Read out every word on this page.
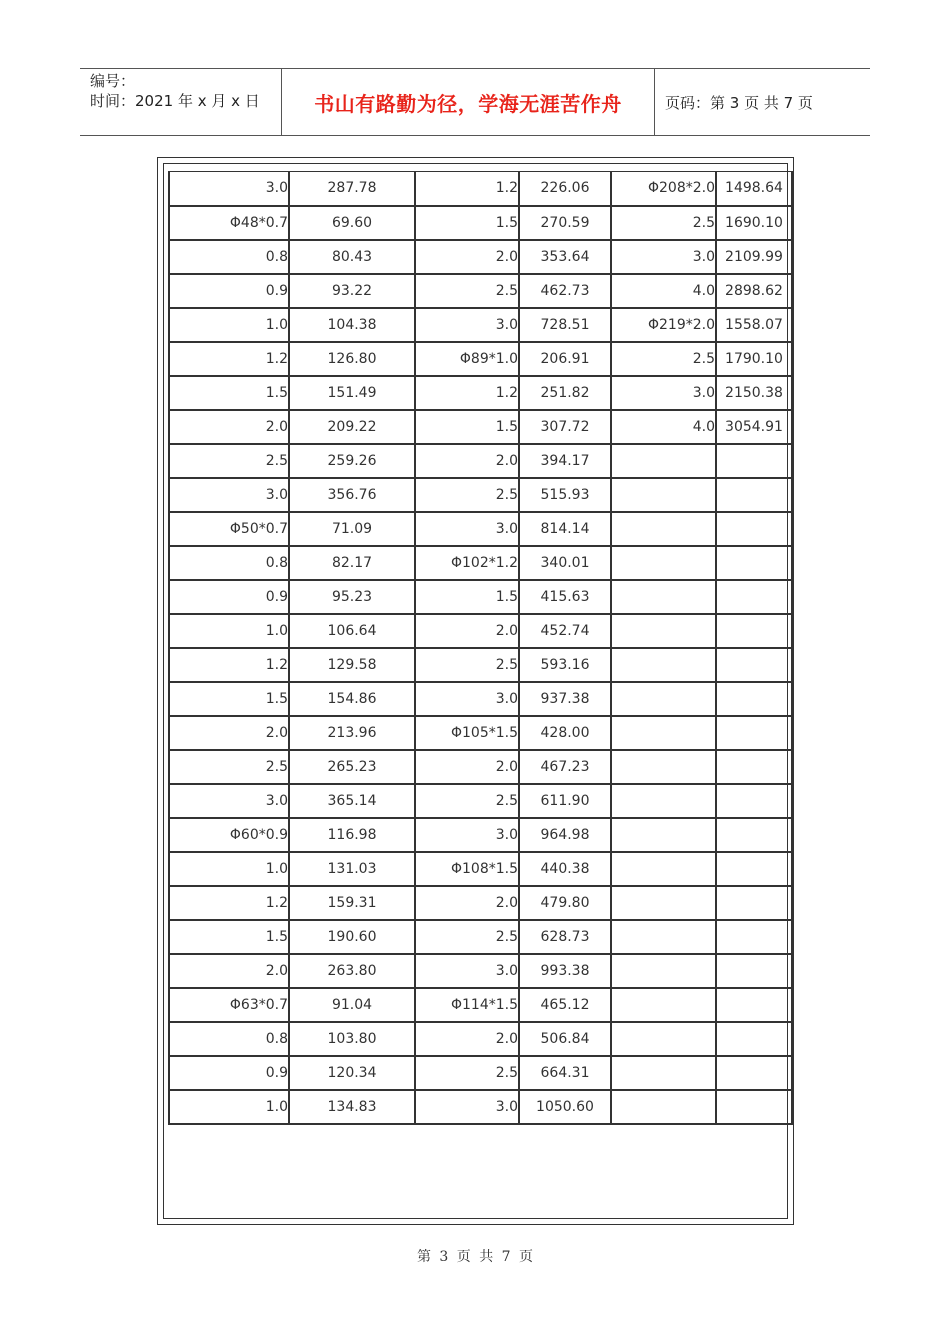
编号：
时间：2021 年 x 月 x 日	书山有路勤为径，学海无涯苦作舟	页码：第 3 页 共 7 页
3.0	287.78	1.2	226.06	Φ208*2.0	1498.64
Φ48*0.7	69.60	1.5	270.59	2.5	1690.10
0.8	80.43	2.0	353.64	3.0	2109.99
0.9	93.22	2.5	462.73	4.0	2898.62
1.0	104.38	3.0	728.51	Φ219*2.0	1558.07
1.2	126.80	Φ89*1.0	206.91	2.5	1790.10
1.5	151.49	1.2	251.82	3.0	2150.38
2.0	209.22	1.5	307.72	4.0	3054.91
2.5	259.26	2.0	394.17		
3.0	356.76	2.5	515.93		
Φ50*0.7	71.09	3.0	814.14		
0.8	82.17	Φ102*1.2	340.01		
0.9	95.23	1.5	415.63		
1.0	106.64	2.0	452.74		
1.2	129.58	2.5	593.16		
1.5	154.86	3.0	937.38		
2.0	213.96	Φ105*1.5	428.00		
2.5	265.23	2.0	467.23		
3.0	365.14	2.5	611.90		
Φ60*0.9	116.98	3.0	964.98		
1.0	131.03	Φ108*1.5	440.38		
1.2	159.31	2.0	479.80		
1.5	190.60	2.5	628.73		
2.0	263.80	3.0	993.38		
Φ63*0.7	91.04	Φ114*1.5	465.12		
0.8	103.80	2.0	506.84		
0.9	120.34	2.5	664.31		
1.0	134.83	3.0	1050.60		
第 3 页 共 7 页
